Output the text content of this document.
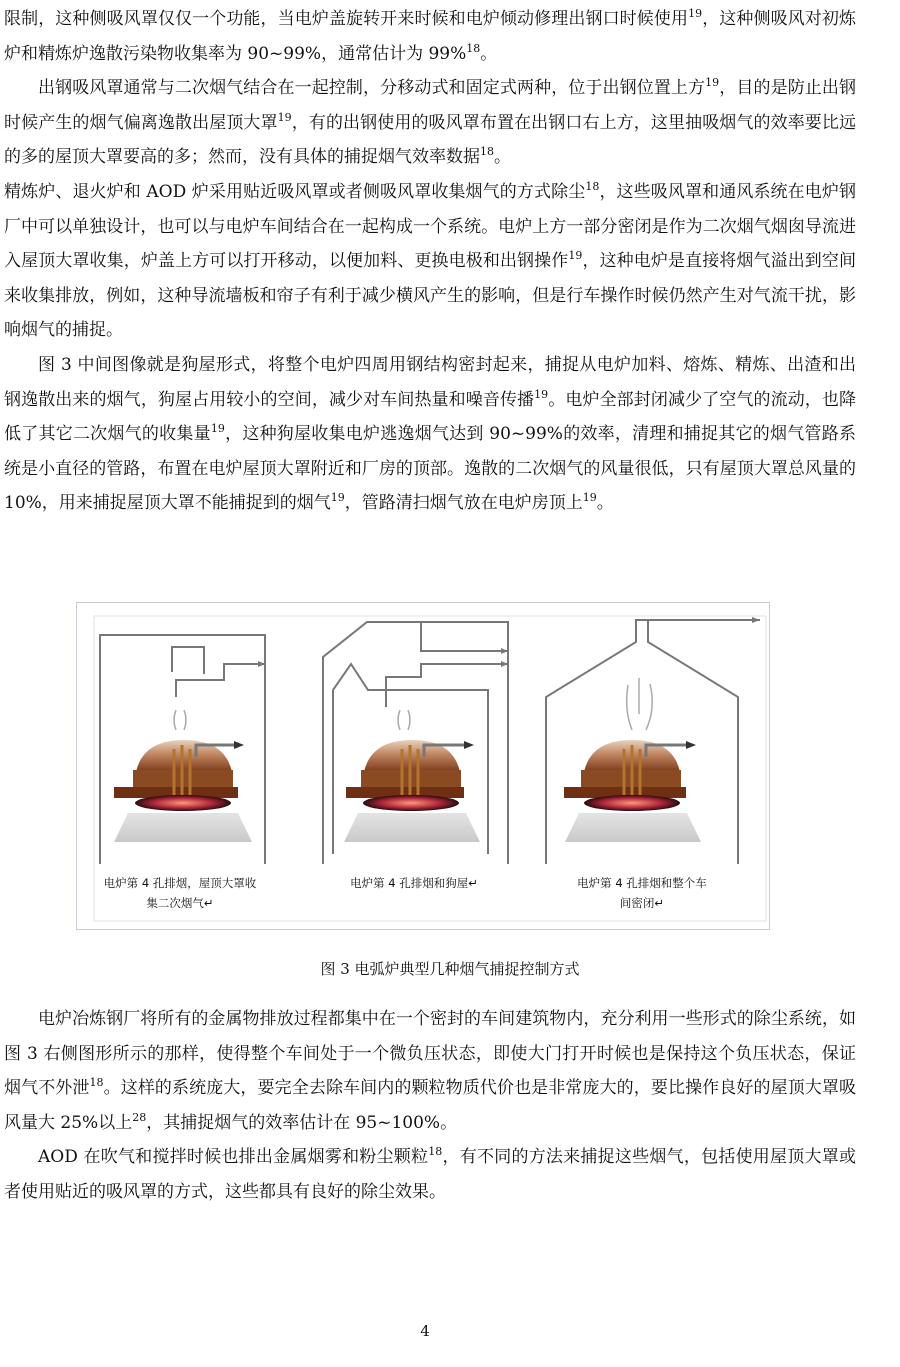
限制，这种侧吸风罩仅仅一个功能，当电炉盖旋转开来时候和电炉倾动修理出钢口时候使用$^{19}$，这种侧吸风对初炼炉和精炼炉逸散污染物收集率为 90~99%，通常估计为 99%$^{18}$。

出钢吸风罩通常与二次烟气结合在一起控制，分移动式和固定式两种，位于出钢位置上方$^{19}$，目的是防止出钢时候产生的烟气偏离逸散出屋顶大罩$^{19}$，有的出钢使用的吸风罩布置在出钢口右上方，这里抽吸烟气的效率要比远的多的屋顶大罩要高的多；然而，没有具体的捕捉烟气效率数据$^{18}$。

精炼炉、退火炉和 AOD 炉采用贴近吸风罩或者侧吸风罩收集烟气的方式除尘$^{18}$，这些吸风罩和通风系统在电炉钢厂中可以单独设计，也可以与电炉车间结合在一起构成一个系统。电炉上方一部分密闭是作为二次烟气烟囱导流进入屋顶大罩收集，炉盖上方可以打开移动，以便加料、更换电极和出钢操作$^{19}$，这种电炉是直接将烟气溢出到空间来收集排放，例如，这种导流墙板和帘子有利于减少横风产生的影响，但是行车操作时候仍然产生对气流干扰，影响烟气的捕捉。

图 3 中间图像就是狗屋形式，将整个电炉四周用钢结构密封起来，捕捉从电炉加料、熔炼、精炼、出渣和出钢逸散出来的烟气，狗屋占用较小的空间，减少对车间热量和噪音传播$^{19}$。电炉全部封闭减少了空气的流动，也降低了其它二次烟气的收集量$^{19}$，这种狗屋收集电炉逃逸烟气达到 90~99%的效率，清理和捕捉其它的烟气管路系统是小直径的管路，布置在电炉屋顶大罩附近和厂房的顶部。逸散的二次烟气的风量很低，只有屋顶大罩总风量的 10%，用来捕捉屋顶大罩不能捕捉到的烟气$^{19}$，管路清扫烟气放在电炉房顶上$^{19}$。

电炉第 4 孔排烟，屋顶大罩收
集二次烟气↵
电炉第 4 孔排烟和狗屋↵	电炉第 4 孔排烟和整个车
间密闭↵
图 3 电弧炉典型几种烟气捕捉控制方式

电炉冶炼钢厂将所有的金属物排放过程都集中在一个密封的车间建筑物内，充分利用一些形式的除尘系统，如图 3 右侧图形所示的那样，使得整个车间处于一个微负压状态，即使大门打开时候也是保持这个负压状态，保证烟气不外泄$^{18}$。这样的系统庞大，要完全去除车间内的颗粒物质代价也是非常庞大的，要比操作良好的屋顶大罩吸风量大 25%以上$^{28}$，其捕捉烟气的效率估计在 95~100%。

AOD 在吹气和搅拌时候也排出金属烟雾和粉尘颗粒$^{18}$，有不同的方法来捕捉这些烟气，包括使用屋顶大罩或者使用贴近的吸风罩的方式，这些都具有良好的除尘效果。

4
